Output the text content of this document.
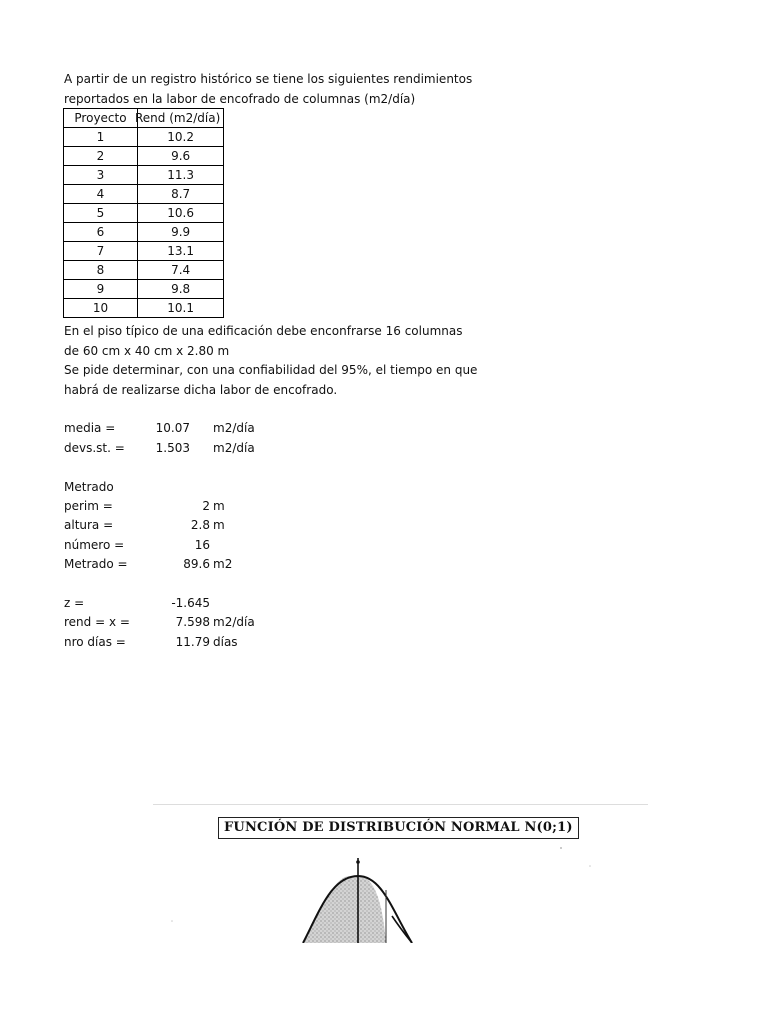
A partir de un registro histórico se tiene los siguientes rendimientos
reportados en la labor de encofrado de columnas (m2/día)
Proyecto	Rend (m2/día)
1	10.2
2	9.6
3	11.3
4	8.7
5	10.6
6	9.9
7	13.1
8	7.4
9	9.8
10	10.1
En el piso típico de una edificación debe enconfrarse 16 columnas
de 60 cm x 40 cm x 2.80 m
Se pide determinar, con una confiabilidad del 95%, el tiempo en que
habrá de realizarse dicha labor de encofrado.
media =	10.07 m2/día
devs.st. =	1.503 m2/día
Metrado
perim =	2 m
altura =	2.8 m
número =	16
Metrado =	89.6 m2
z =	-1.645
rend = x =	7.598 m2/día
nro días =	11.79 días
FUNCIÓN DE DISTRIBUCIÓN NORMAL N(0;1)
